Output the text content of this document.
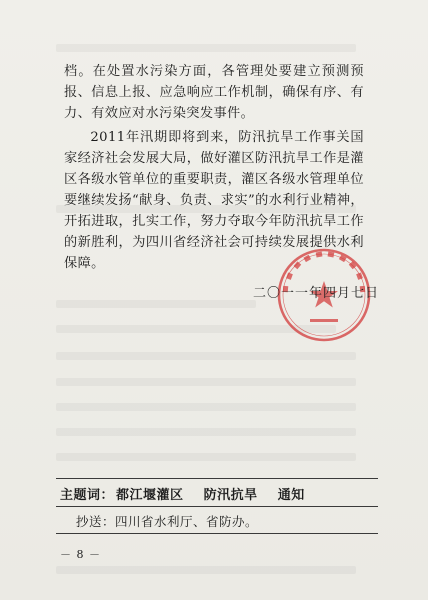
档。在处置水污染方面，各管理处要建立预测预报、信息上报、应急响应工作机制，确保有序、有力、有效应对水污染突发事件。

2011年汛期即将到来，防汛抗旱工作事关国家经济社会发展大局，做好灌区防汛抗旱工作是灌区各级水管单位的重要职责，灌区各级水管理单位要继续发扬“献身、负责、求实”的水利行业精神，开拓进取，扎实工作，努力夺取今年防汛抗旱工作的新胜利，为四川省经济社会可持续发展提供水利保障。

二〇一一年四月七日
主题词： 都江堰灌区    防汛抗旱    通知
抄送：四川省水利厅、省防办。
－ 8 －
